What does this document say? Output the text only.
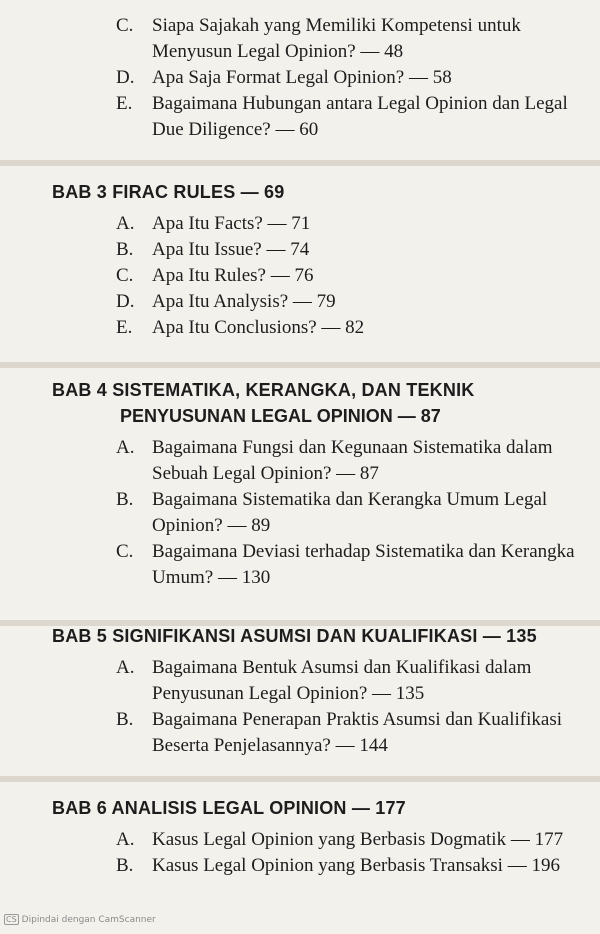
C. Siapa Sajakah yang Memiliki Kompetensi untuk
Menyusun Legal Opinion? — 48
D. Apa Saja Format Legal Opinion? — 58
E. Bagaimana Hubungan antara Legal Opinion dan Legal
Due Diligence? — 60
BAB 3 FIRAC RULES — 69
A. Apa Itu Facts? — 71
B. Apa Itu Issue? — 74
C. Apa Itu Rules? — 76
D. Apa Itu Analysis? — 79
E. Apa Itu Conclusions? — 82
BAB 4 SISTEMATIKA, KERANGKA, DAN TEKNIK
PENYUSUNAN LEGAL OPINION — 87
A. Bagaimana Fungsi dan Kegunaan Sistematika dalam
Sebuah Legal Opinion? — 87
B. Bagaimana Sistematika dan Kerangka Umum Legal
Opinion? — 89
C. Bagaimana Deviasi terhadap Sistematika dan Kerangka
Umum? — 130
BAB 5 SIGNIFIKANSI ASUMSI DAN KUALIFIKASI — 135
A. Bagaimana Bentuk Asumsi dan Kualifikasi dalam
Penyusunan Legal Opinion? — 135
B. Bagaimana Penerapan Praktis Asumsi dan Kualifikasi
Beserta Penjelasannya? — 144
BAB 6 ANALISIS LEGAL OPINION — 177
A. Kasus Legal Opinion yang Berbasis Dogmatik — 177
B. Kasus Legal Opinion yang Berbasis Transaksi — 196
CS Dipindai dengan CamScanner
